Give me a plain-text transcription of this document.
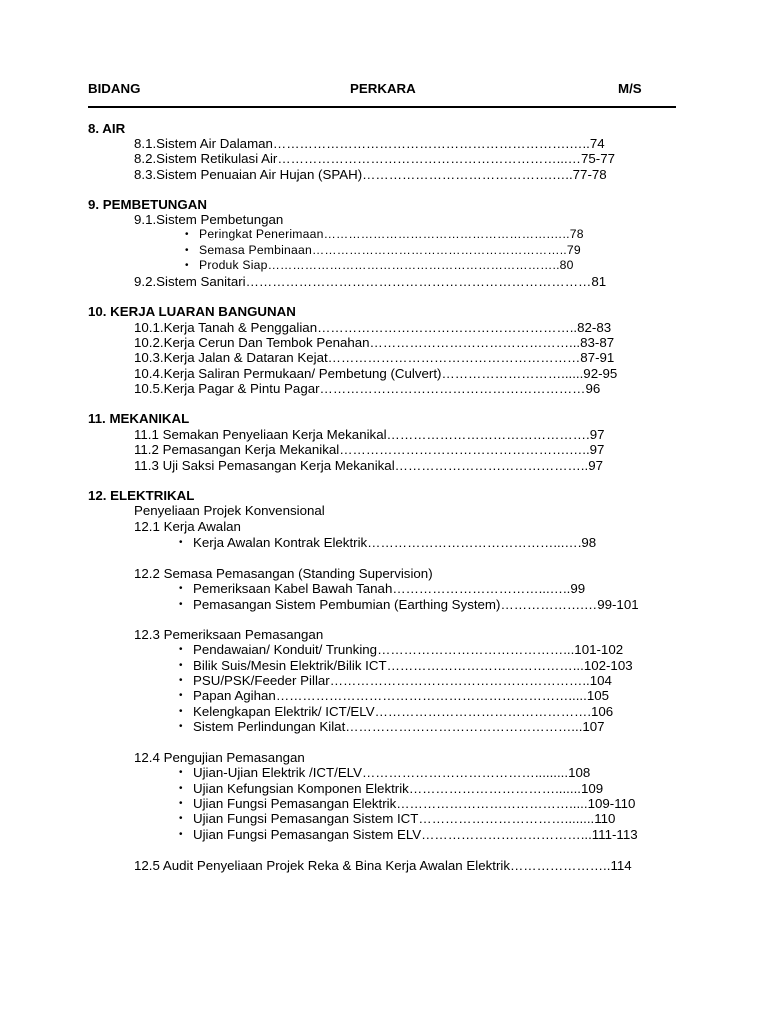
BIDANG	PERKARA	M/S
8. AIR
8.1.Sistem Air Dalaman………………………………………………………….…..74
8.2.Sistem Retikulasi Air………………………………………………………...…75-77
8.3.Sistem Penuaian Air Hujan (SPAH)…………………………………….…..77-78
9. PEMBETUNGAN
9.1.Sistem Pembetungan
• Peringkat Penerimaan……………………………………………….…..78
• Semasa Pembinaan……………………………………………………..79
• Produk Siap……………………………………………………………..80
9.2.Sistem Sanitari……………………………………………………………………81
10. KERJA LUARAN BANGUNAN
10.1.Kerja Tanah & Penggalian…………………………………………………..82-83
10.2.Kerja Cerun Dan Tembok Penahan………………………………………...83-87
10.3.Kerja Jalan & Dataran Kejat…………………………………………………87-91
10.4.Kerja Saliran Permukaan/ Pembetung (Culvert)………………………......92-95
10.5.Kerja Pagar & Pintu Pagar……………………………………………………96
11. MEKANIKAL
11.1 Semakan Penyeliaan Kerja Mekanikal……………………………………….97
11.2 Pemasangan Kerja Mekanikal…………………………………………….…..97
11.3 Uji Saksi Pemasangan Kerja Mekanikal……………………………………..97
12. ELEKTRIKAL
Penyeliaan Projek Konvensional
12.1 Kerja Awalan
• Kerja Awalan Kontrak Elektrik……………………………………...….98
12.2 Semasa Pemasangan (Standing Supervision)
• Pemeriksaan Kabel Bawah Tanah……………………………...…..99
• Pemasangan Sistem Pembumian (Earthing System)……………….…99-101
12.3 Pemeriksaan Pemasangan
• Pendawaian/ Konduit/ Trunking……………………………………...101-102
• Bilik Suis/Mesin Elektrik/Bilik ICT……………………………………...102-103
• PSU/PSK/Feeder Pillar…………………………………………………..104
• Papan Agihan………………………………………………………….....105
• Kelengkapan Elektrik/ ICT/ELV………………………………………….106
• Sistem Perlindungan Kilat……………………………………………...107
12.4 Pengujian Pemasangan
• Ujian-Ujian Elektrik /ICT/ELV………………………………….........108
• Ujian Kefungsian Komponen Elektrik…………………………….......109
• Ujian Fungsi Pemasangan Elektrik………………………………….....109-110
• Ujian Fungsi Pemasangan Sistem ICT……………………………........110
• Ujian Fungsi Pemasangan Sistem ELV………………………………...111-113
12.5 Audit Penyeliaan Projek Reka & Bina Kerja Awalan Elektrik…………………..114
